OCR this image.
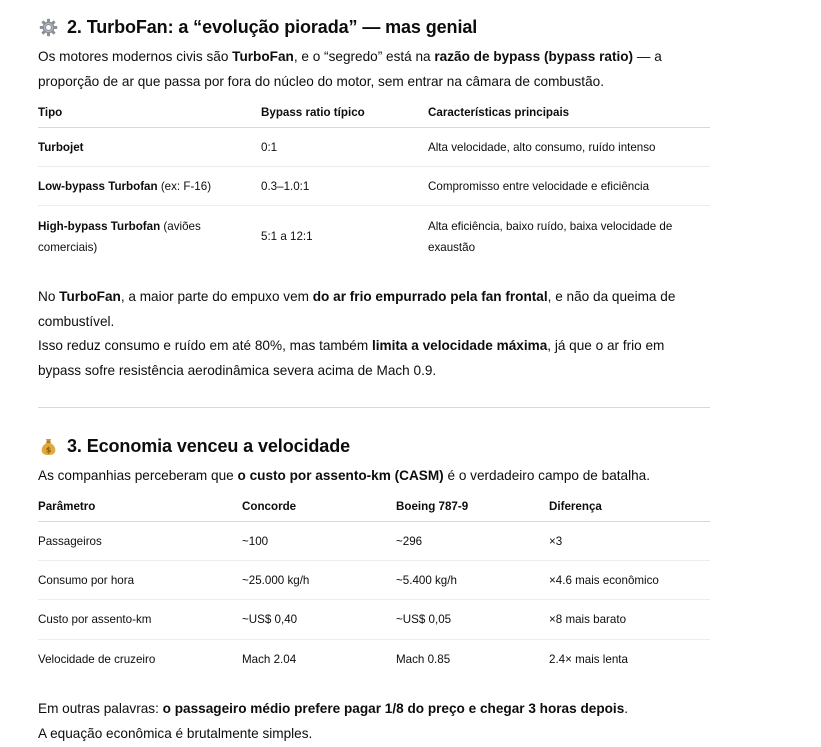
2. TurboFan: a “evolução piorada” — mas genial

Os motores modernos civis são TurboFan, e o “segredo” está na razão de bypass (bypass ratio) — a proporção de ar que passa por fora do núcleo do motor, sem entrar na câmara de combustão.

Tipo	Bypass ratio típico	Características principais
Turbojet	0:1	Alta velocidade, alto consumo, ruído intenso
Low-bypass Turbofan (ex: F-16)	0.3–1.0:1	Compromisso entre velocidade e eficiência
High-bypass Turbofan (aviões comerciais)	5:1 a 12:1	Alta eficiência, baixo ruído, baixa velocidade de exaustão

No TurboFan, a maior parte do empuxo vem do ar frio empurrado pela fan frontal, e não da queima de combustível.

Isso reduz consumo e ruído em até 80%, mas também limita a velocidade máxima, já que o ar frio em bypass sofre resistência aerodinâmica severa acima de Mach 0.9.

$ 3. Economia venceu a velocidade

As companhias perceberam que o custo por assento-km (CASM) é o verdadeiro campo de batalha.

Parâmetro	Concorde	Boeing 787-9	Diferença
Passageiros	~100	~296	×3
Consumo por hora	~25.000 kg/h	~5.400 kg/h	×4.6 mais econômico
Custo por assento-km	~US$ 0,40	~US$ 0,05	×8 mais barato
Velocidade de cruzeiro	Mach 2.04	Mach 0.85	2.4× mais lenta

Em outras palavras: o passageiro médio prefere pagar 1/8 do preço e chegar 3 horas depois.

A equação econômica é brutalmente simples.
